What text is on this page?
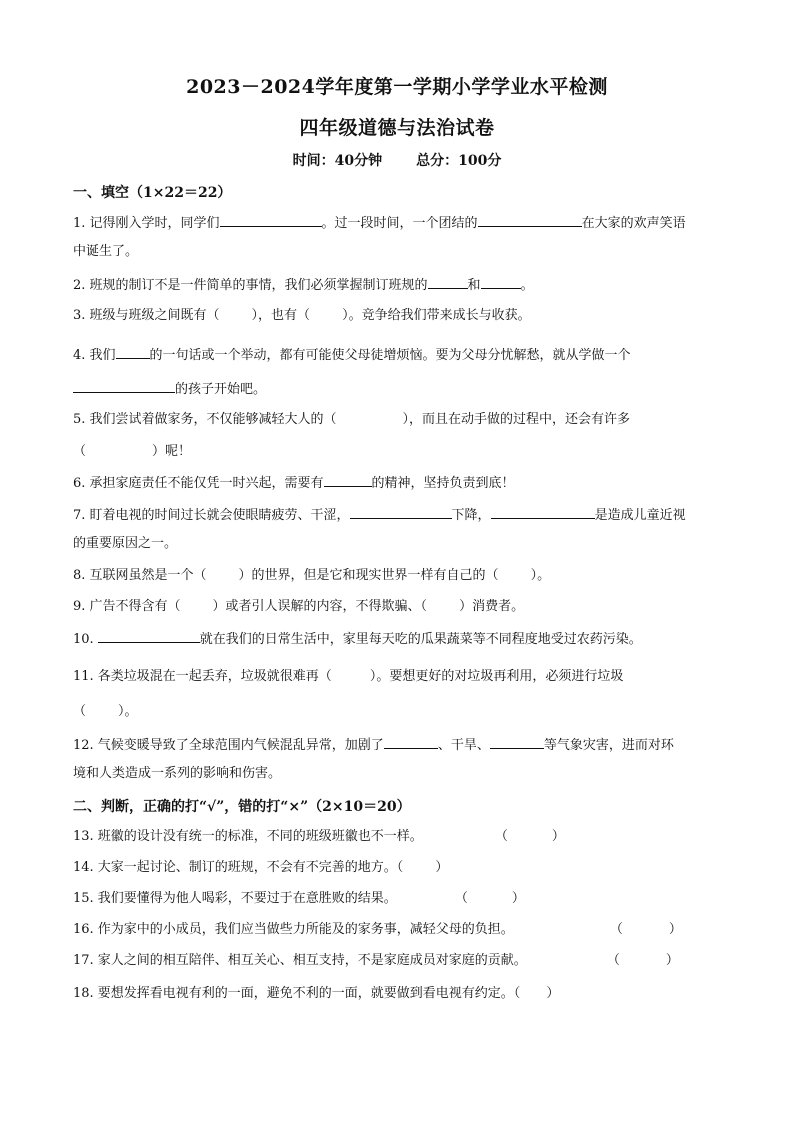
2023－2024学年度第一学期小学学业水平检测
四年级道德与法治试卷
时间：40分钟 总分：100分
一、填空（1×22＝22）
1. 记得刚入学时，同学们	。过一段时间，一个团结的	在大家的欢声笑语
中诞生了。
2. 班规的制订不是一件简单的事情，我们必须掌握制订班规的	和	。
3. 班级与班级之间既有（ ），也有（ ）。竞争给我们带来成长与收获。
4. 我们	的一句话或一个举动，都有可能使父母徒增烦恼。要为父母分忧解愁，就从学做一个
的孩子开始吧。
5. 我们尝试着做家务，不仅能够减轻大人的（	），而且在动手做的过程中，还会有许多
（	）呢！
6. 承担家庭责任不能仅凭一时兴起，需要有	的精神，坚持负责到底！
7. 盯着电视的时间过长就会使眼睛疲劳、干涩，	下降，	是造成儿童近视
的重要原因之一。
8. 互联网虽然是一个（ ）的世界，但是它和现实世界一样有自己的（ ）。
9. 广告不得含有（ ）或者引人误解的内容，不得欺骗、（ ）消费者。
10.	就在我们的日常生活中，家里每天吃的瓜果蔬菜等不同程度地受过农药污染。
11. 各类垃圾混在一起丢弃，垃圾就很难再（	）。要想更好的对垃圾再利用，必须进行垃圾
（ ）。
12. 气候变暖导致了全球范围内气候混乱异常，加剧了	、干旱、	等气象灾害，进而对环
境和人类造成一系列的影响和伤害。
二、判断，正确的打“√”，错的打“×”（2×10＝20）
13. 班徽的设计没有统一的标准，不同的班级班徽也不一样。	（	）
14. 大家一起讨论、制订的班规，不会有不完善的地方。（ ）
15. 我们要懂得为他人喝彩，不要过于在意胜败的结果。	（	）
16. 作为家中的小成员，我们应当做些力所能及的家务事，减轻父母的负担。	（	）
17. 家人之间的相互陪伴、相互关心、相互支持，不是家庭成员对家庭的贡献。	（	）
18. 要想发挥看电视有利的一面，避免不利的一面，就要做到看电视有约定。（ ）
